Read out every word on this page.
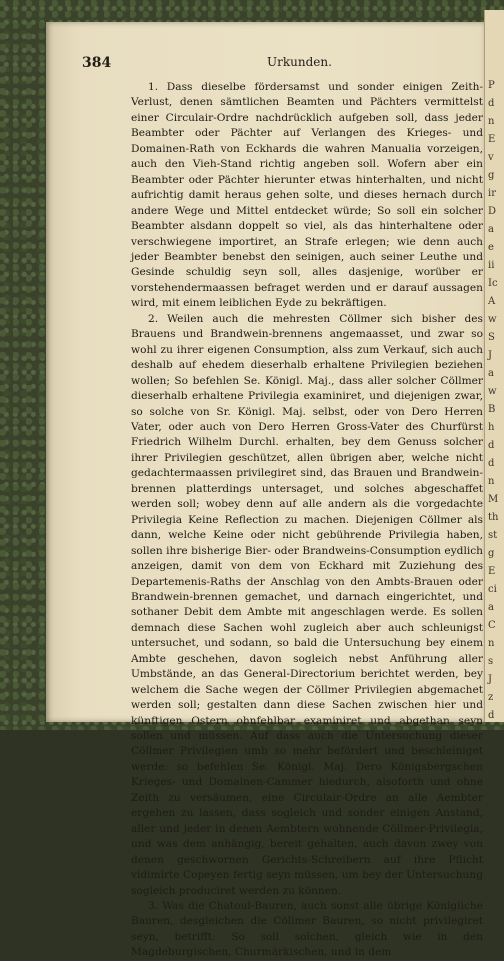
P
d
n
E
v
g
ir
D
a
e
ii
Ic
A
w
S
J
a
w
B
h
d
d
n
M
th
st
g
E
ci
a
C
n
s
J
z
d
384	Urkunden.

1. Dass dieselbe fördersamst und sonder einigen Zeith-Verlust, denen sämtlichen Beamten und Pächters vermittelst einer Circulair-Ordre nachdrücklich aufgeben soll, dass jeder Beambter oder Pächter auf Verlangen des Krieges- und Domainen-Rath von Eckhards die wahren Manualia vorzeigen, auch den Vieh-Stand richtig angeben soll. Wofern aber ein Beambter oder Pächter hierunter etwas hinterhalten, und nicht aufrichtig damit heraus gehen solte, und dieses hernach durch andere Wege und Mittel entdecket würde; So soll ein solcher Beambter alsdann doppelt so viel, als das hinterhaltene oder verschwiegene importiret, an Strafe erlegen; wie denn auch jeder Beambter benebst den seinigen, auch seiner Leuthe und Gesinde schuldig seyn soll, alles dasjenige, worüber er vorstehendermaassen befraget werden und er darauf aussagen wird, mit einem leiblichen Eyde zu bekräftigen.

2. Weilen auch die mehresten Cöllmer sich bisher des Brauens und Brandwein-brennens angemaasset, und zwar so wohl zu ihrer eigenen Consumption, alss zum Verkauf, sich auch deshalb auf ehedem dieserhalb erhaltene Privilegien beziehen wollen; So befehlen Se. Königl. Maj., dass aller solcher Cöllmer dieserhalb erhaltene Privilegia examiniret, und diejenigen zwar, so solche von Sr. Königl. Maj. selbst, oder von Dero Herren Vater, oder auch von Dero Herren Gross-Vater des Churfürst Friedrich Wilhelm Durchl. erhalten, bey dem Genuss solcher ihrer Privilegien geschützet, allen übrigen aber, welche nicht gedachtermaassen privilegiret sind, das Brauen und Brandwein-brennen platterdings untersaget, und solches abgeschaffet werden soll; wobey denn auf alle andern als die vorgedachte Privilegia Keine Reflection zu machen. Diejenigen Cöllmer als dann, welche Keine oder nicht gebührende Privilegia haben, sollen ihre bisherige Bier- oder Brandweins-Consumption eydlich anzeigen, damit von dem von Eckhard mit Zuziehung des Departemenis-Raths der Anschlag von den Ambts-Brauen oder Brandwein-brennen gemachet, und darnach eingerichtet, und sothaner Debit dem Ambte mit angeschlagen werde. Es sollen demnach diese Sachen wohl zugleich aber auch schleunigst untersuchet, und sodann, so bald die Untersuchung bey einem Ambte geschehen, davon sogleich nebst Anführung aller Umbstände, an das General-Directorium berichtet werden, bey welchem die Sache wegen der Cöllmer Privilegien abgemachet werden soll; gestalten dann diese Sachen zwischen hier und künftigen Ostern ohnfehlbar examiniret und abgethan seyn sollen und müssen. Auf dass auch die Untersuchung dieser Cöllmer Privilegien umb so mehr befördert und beschleiniget werde: so befehlen Se. Königl. Maj. Dero Königsbergschen Krieges- und Domainen-Cammer hiedurch, alsoforth und ohne Zeith zu versäumen, eine Circulair-Ordre an alle Aembter ergehen zu lassen, dass sogleich und sonder einigen Anstand, aller und jeder in denen Aembtern wohnende Cöllmer-Privilegia, und was dem anhängig, bereit gehalten, auch davon zwey von denen geschwornen Gerichts-Schreibern auf ihre Pflicht vidimirte Copeyen fertig seyn müssen, um bey der Untersuchung sogleich produciret werden zu können.

3. Was die Chatoul-Bauren, auch sonst alle übrige Königliche Bauren, desgleichen die Cöllmer Bauren, so nicht privilegiret seyn, betrifft: So soll solchen, gleich wie in den Magdeburgischen, Churmärkischen, und in dem
